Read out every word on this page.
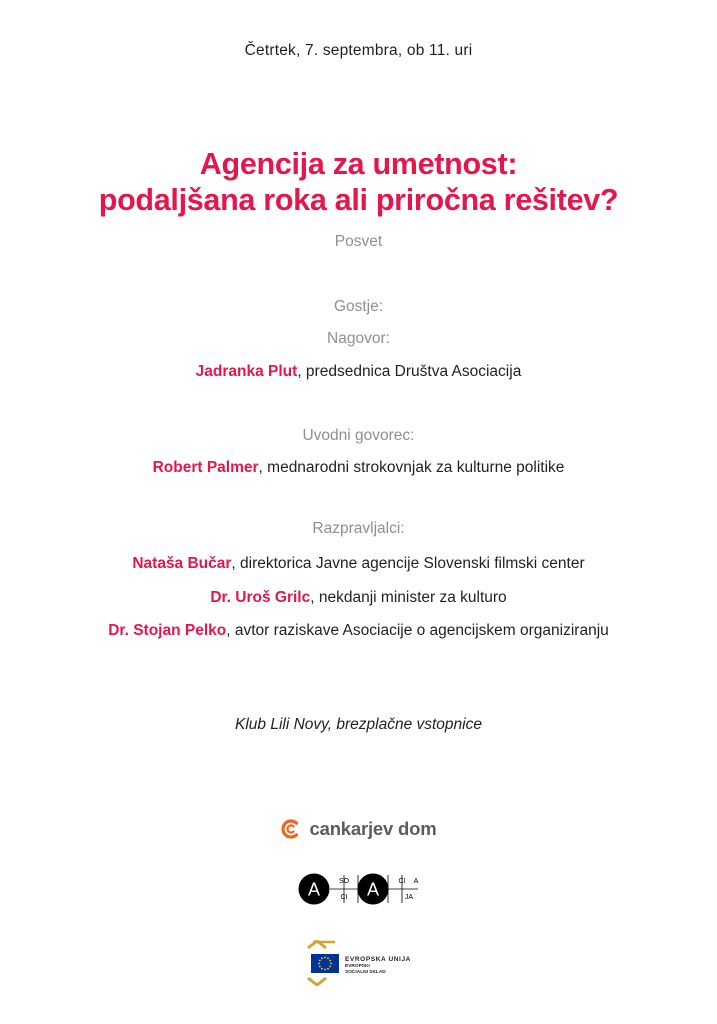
Četrtek, 7. septembra, ob 11. uri
Agencija za umetnost:
podaljšana roka ali priročna rešitev?
Posvet
Gostje:
Nagovor:
Jadranka Plut, predsednica Društva Asociacija
Uvodni govorec:
Robert Palmer, mednarodni strokovnjak za kulturne politike
Razpravljalci:
Nataša Bučar, direktorica Javne agencije Slovenski filmski center
Dr. Uroš Grilc, nekdanji minister za kulturo
Dr. Stojan Pelko, avtor raziskave Asociacije o agencijskem organiziranju
Klub Lili Novy, brezplačne vstopnice
cankarjev dom
A	A
SO	CI	A
CI	JA
EVROPSKA UNIJA
EVROPSKI
SOCIALNI SKLAD
